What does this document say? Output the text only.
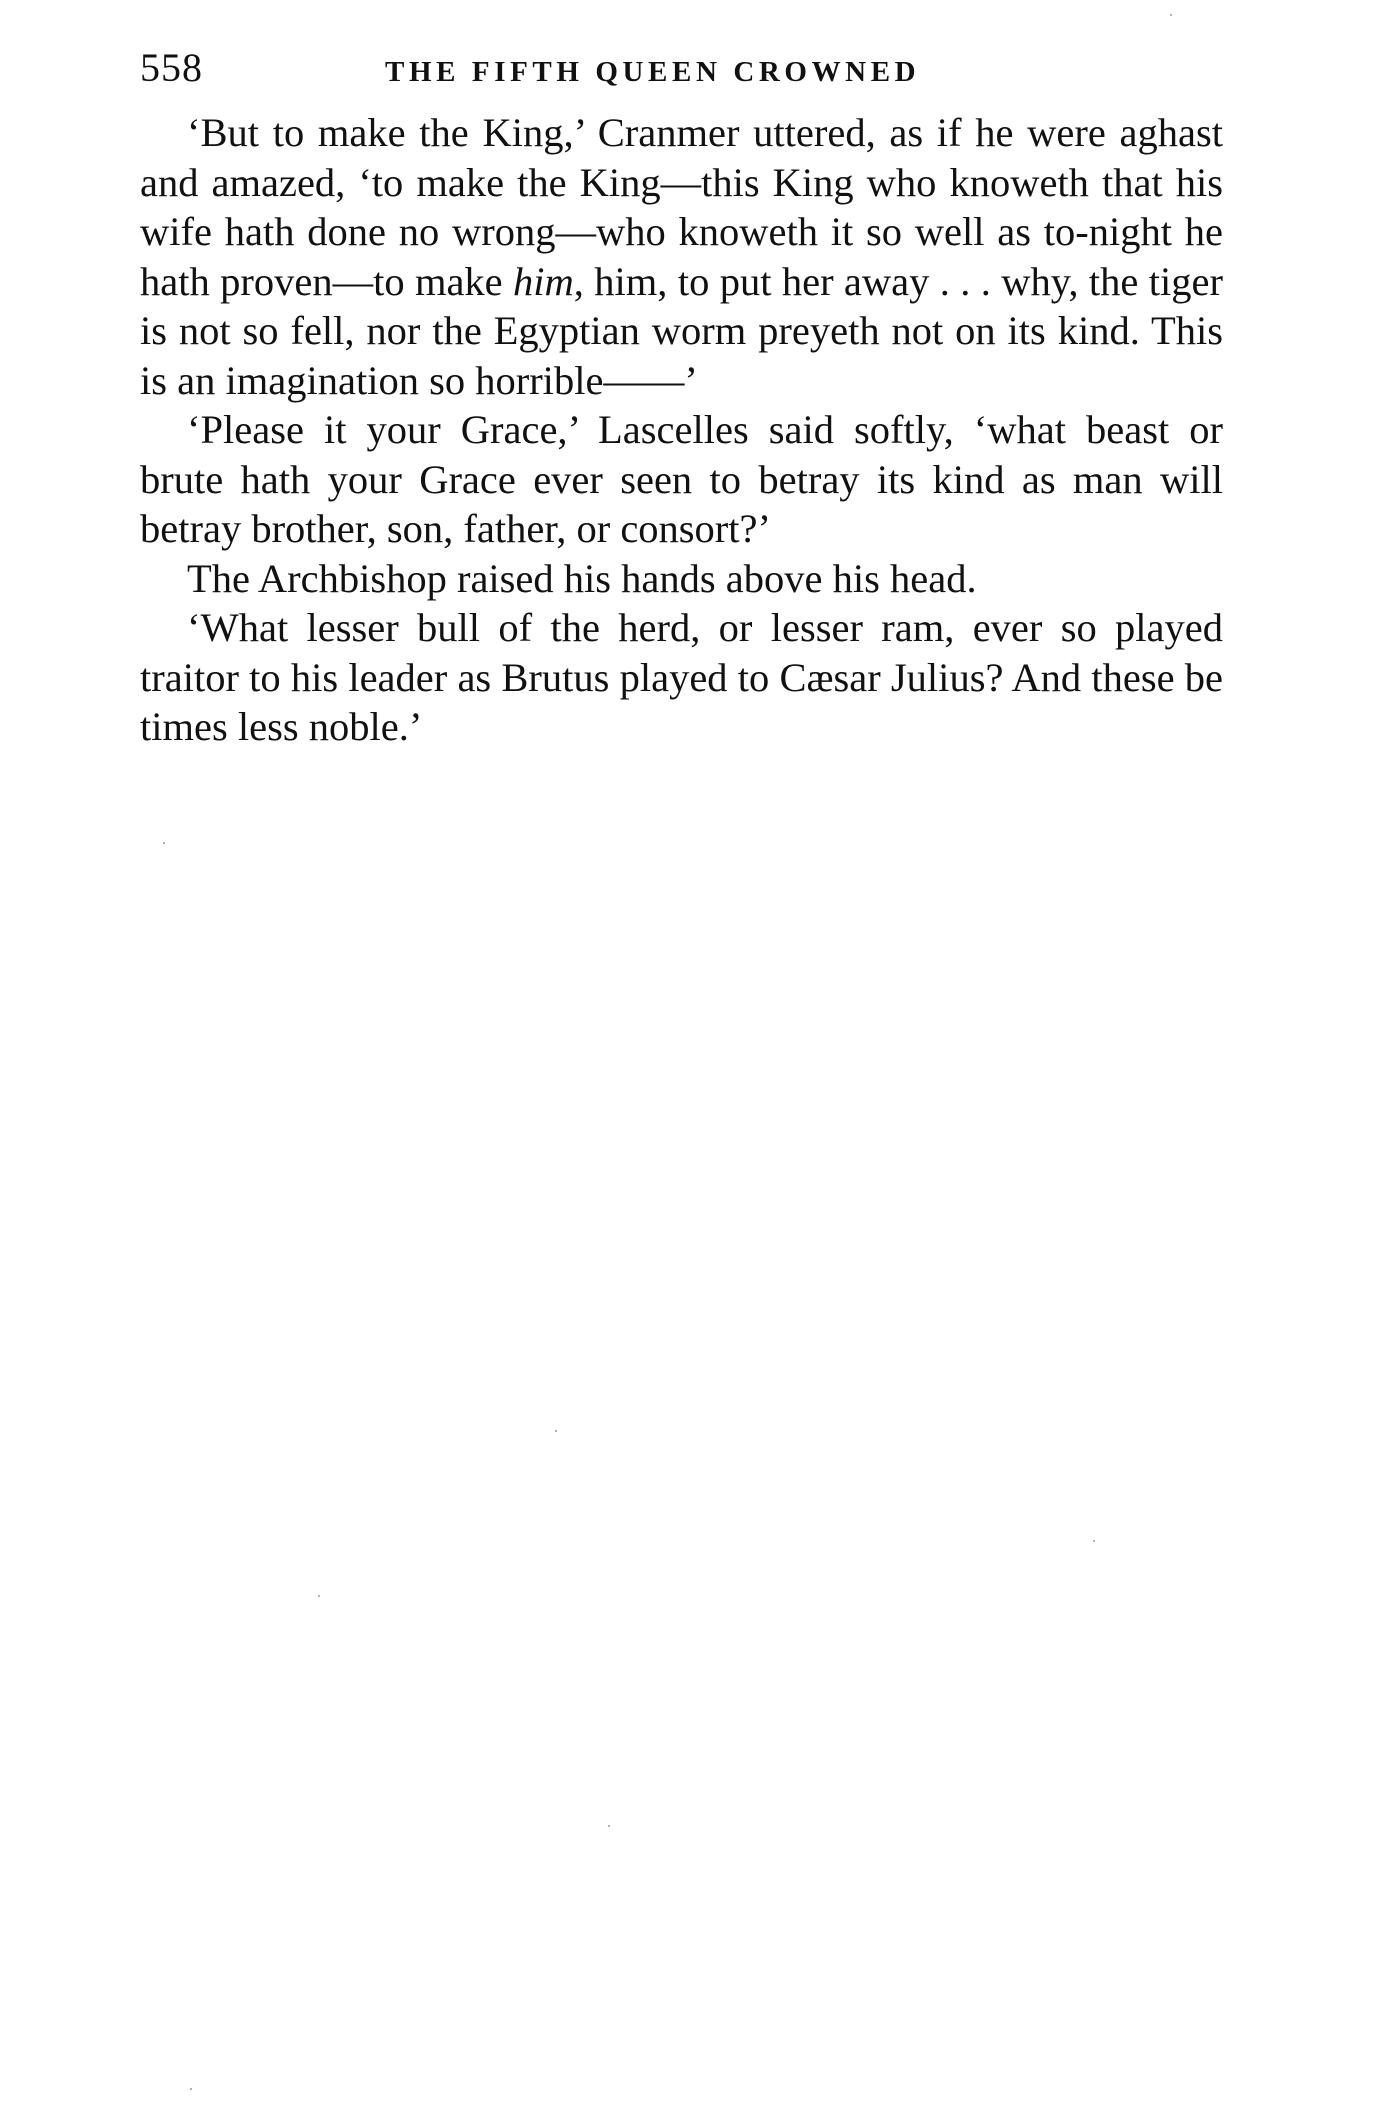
558	THE FIFTH QUEEN CROWNED

‘But to make the King,’ Cranmer uttered, as if he were aghast and amazed, ‘to make the King—this King who knoweth that his wife hath done no wrong—who knoweth it so well as to-night he hath proven—to make him, him, to put her away . . . why, the tiger is not so fell, nor the Egyptian worm preyeth not on its kind. This is an imagination so horrible——’

‘Please it your Grace,’ Lascelles said softly, ‘what beast or brute hath your Grace ever seen to betray its kind as man will betray brother, son, father, or consort?’

The Archbishop raised his hands above his head.

‘What lesser bull of the herd, or lesser ram, ever so played traitor to his leader as Brutus played to Cæsar Julius? And these be times less noble.’
